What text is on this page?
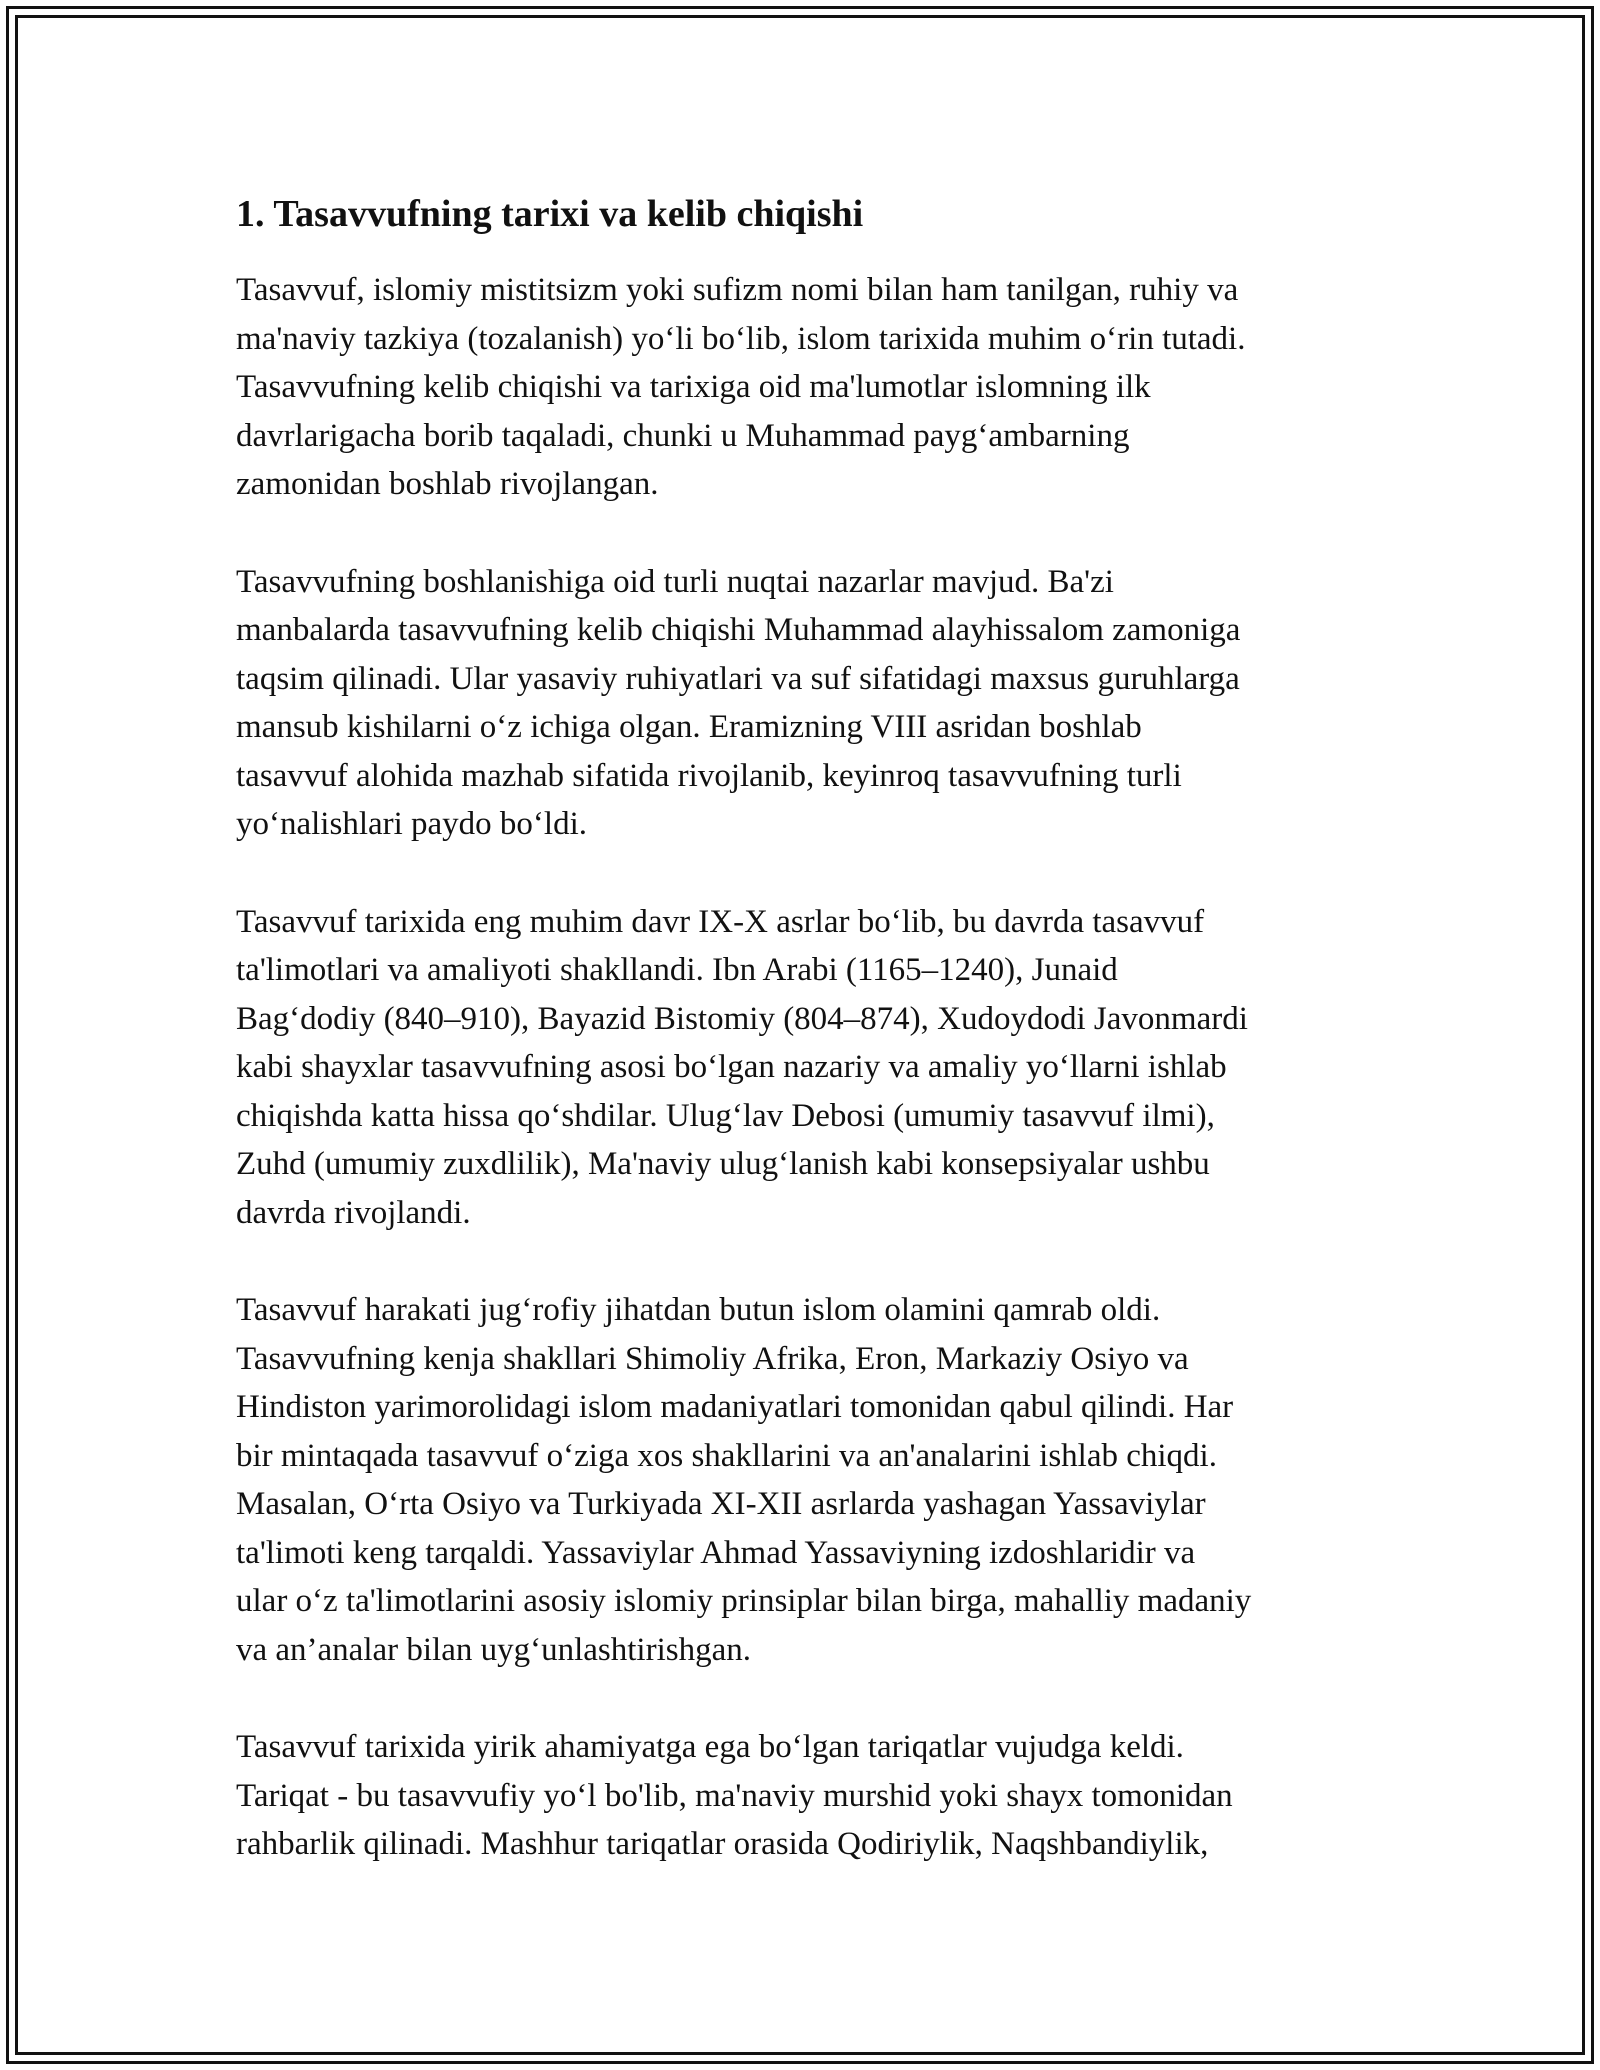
1. Tasavvufning tarixi va kelib chiqishi

Tasavvuf, islomiy mistitsizm yoki sufizm nomi bilan ham tanilgan, ruhiy va
ma'naviy tazkiya (tozalanish) yo‘li bo‘lib, islom tarixida muhim o‘rin tutadi.
Tasavvufning kelib chiqishi va tarixiga oid ma'lumotlar islomning ilk
davrlarigacha borib taqaladi, chunki u Muhammad payg‘ambarning
zamonidan boshlab rivojlangan.

Tasavvufning boshlanishiga oid turli nuqtai nazarlar mavjud. Ba'zi
manbalarda tasavvufning kelib chiqishi Muhammad alayhissalom zamoniga
taqsim qilinadi. Ular yasaviy ruhiyatlari va suf sifatidagi maxsus guruhlarga
mansub kishilarni o‘z ichiga olgan. Eramizning VIII asridan boshlab
tasavvuf alohida mazhab sifatida rivojlanib, keyinroq tasavvufning turli
yo‘nalishlari paydo bo‘ldi.

Tasavvuf tarixida eng muhim davr IX-X asrlar bo‘lib, bu davrda tasavvuf
ta'limotlari va amaliyoti shakllandi. Ibn Arabi (1165–1240), Junaid
Bag‘dodiy (840–910), Bayazid Bistomiy (804–874), Xudoydodi Javonmardi
kabi shayxlar tasavvufning asosi bo‘lgan nazariy va amaliy yo‘llarni ishlab
chiqishda katta hissa qo‘shdilar. Ulug‘lav Debosi (umumiy tasavvuf ilmi),
Zuhd (umumiy zuxdlilik), Ma'naviy ulug‘lanish kabi konsepsiyalar ushbu
davrda rivojlandi.

Tasavvuf harakati jug‘rofiy jihatdan butun islom olamini qamrab oldi.
Tasavvufning kenja shakllari Shimoliy Afrika, Eron, Markaziy Osiyo va
Hindiston yarimorolidagi islom madaniyatlari tomonidan qabul qilindi. Har
bir mintaqada tasavvuf o‘ziga xos shakllarini va an'analarini ishlab chiqdi.
Masalan, O‘rta Osiyo va Turkiyada XI-XII asrlarda yashagan Yassaviylar
ta'limoti keng tarqaldi. Yassaviylar Ahmad Yassaviyning izdoshlaridir va
ular o‘z ta'limotlarini asosiy islomiy prinsiplar bilan birga, mahalliy madaniy
va an’analar bilan uyg‘unlashtirishgan.

Tasavvuf tarixida yirik ahamiyatga ega bo‘lgan tariqatlar vujudga keldi.
Tariqat - bu tasavvufiy yo‘l bo'lib, ma'naviy murshid yoki shayx tomonidan
rahbarlik qilinadi. Mashhur tariqatlar orasida Qodiriylik, Naqshbandiylik,
